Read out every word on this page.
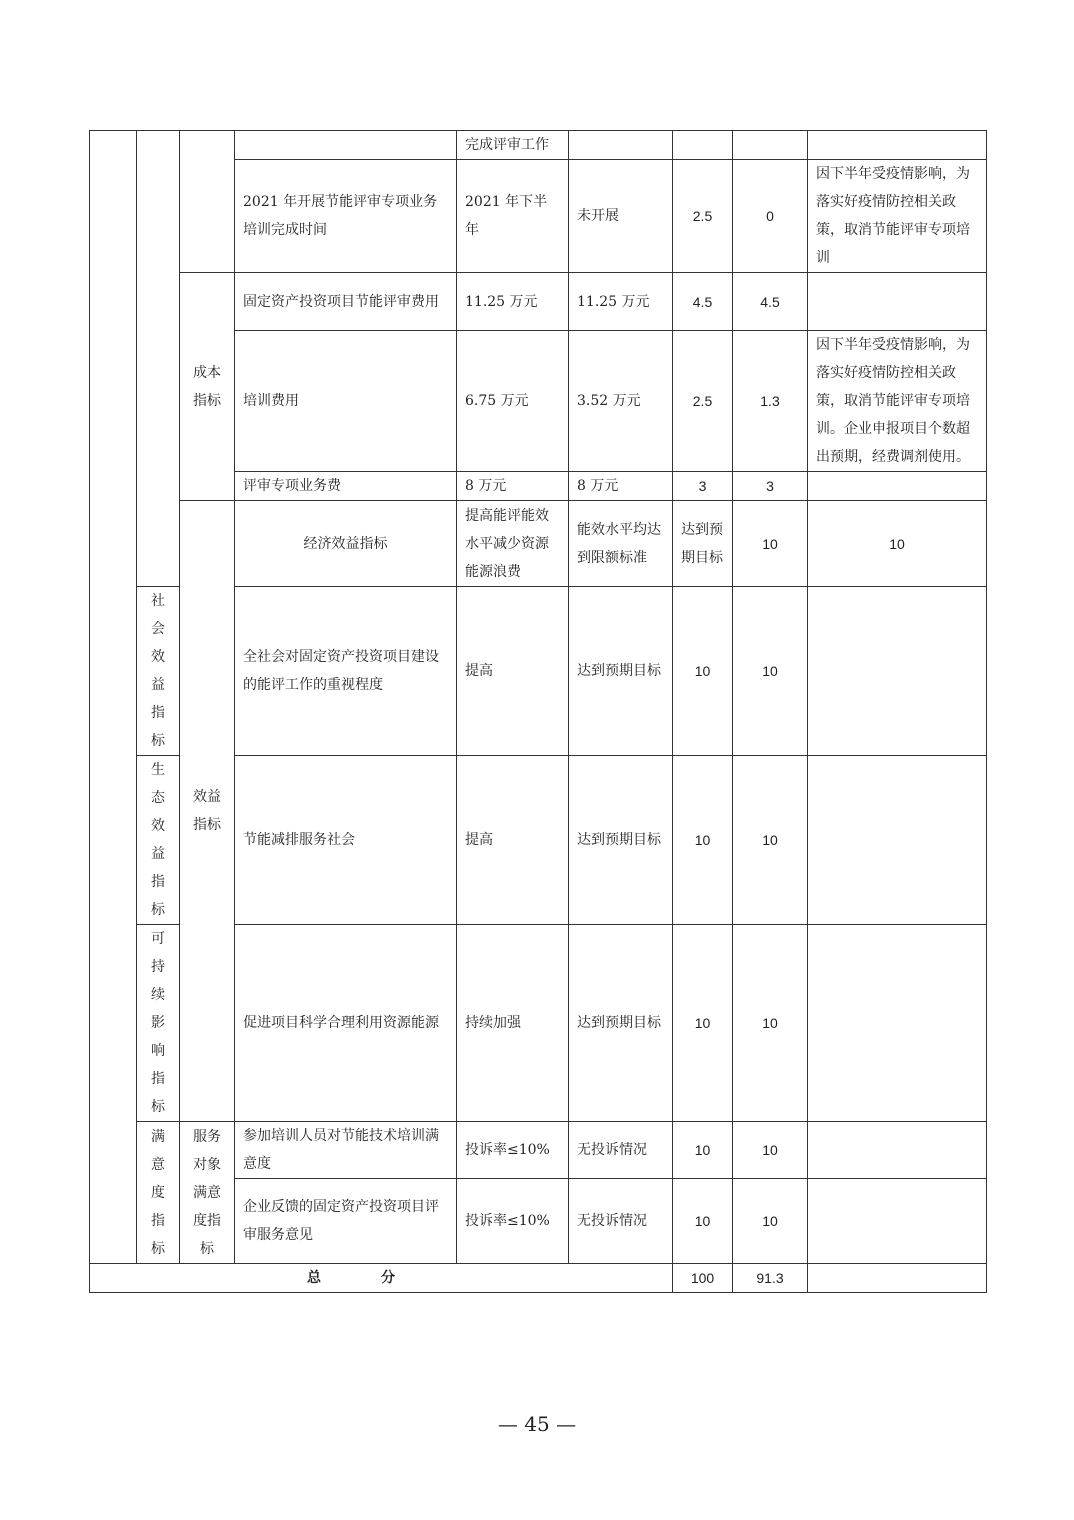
				完成评审工作					
			2021 年开展节能评审专项业务培训完成时间	2021 年下半年	未开展	2.5	0	因下半年受疫情影响，为落实好疫情防控相关政策，取消节能评审专项培训	
		成本指标	固定资产投资项目节能评审费用	11.25 万元	11.25 万元	4.5	4.5		
			培训费用	6.75 万元	3.52 万元	2.5	1.3	因下半年受疫情影响，为落实好疫情防控相关政策，取消节能评审专项培训。企业申报项目个数超出预期，经费调剂使用。	
			评审专项业务费	8 万元	8 万元	3	3		
		效益指标	经济效益指标	提高能评能效水平减少资源能源浪费	能效水平均达到限额标准	达到预期目标	10	10	
	社会效益指标		全社会对固定资产投资项目建设的能评工作的重视程度	提高	达到预期目标	10	10		
	生态效益指标		节能减排服务社会	提高	达到预期目标	10	10		
	可持续影响指标		促进项目科学合理利用资源能源	持续加强	达到预期目标	10	10		
	满意度指标	服务对象满意度指标	参加培训人员对节能技术培训满意度	投诉率≤10%	无投诉情况	10	10		
			企业反馈的固定资产投资项目评审服务意见	投诉率≤10%	无投诉情况	10	10		
总分						100	91.3		
— 45 —
